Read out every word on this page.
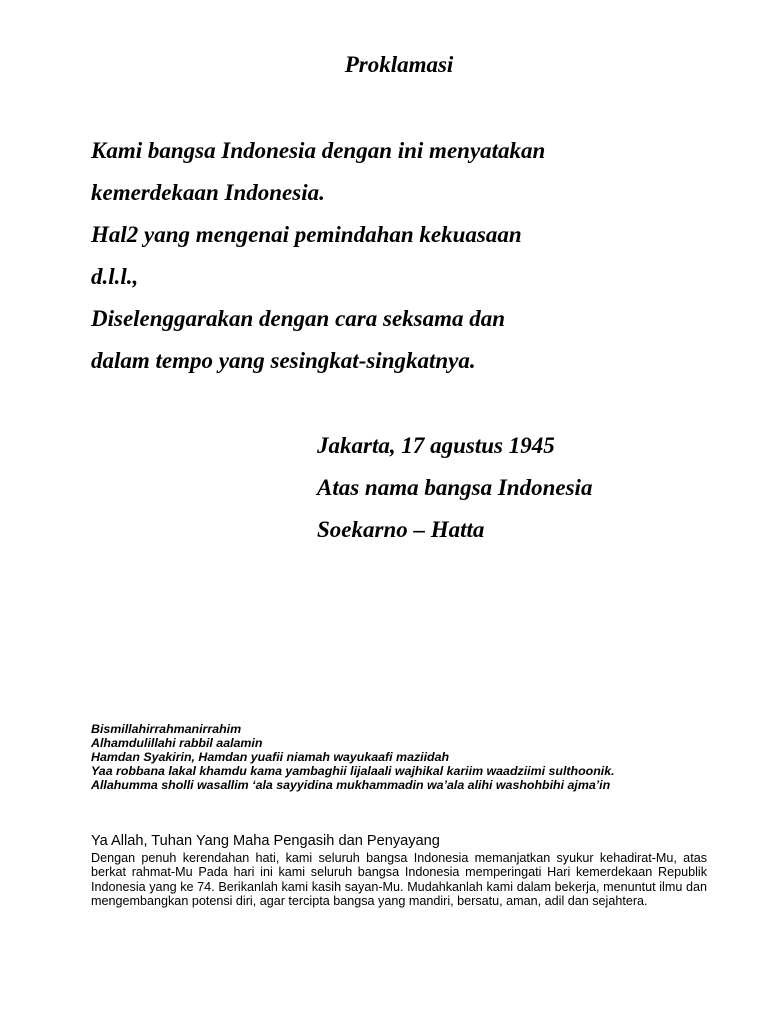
Proklamasi
Kami bangsa Indonesia dengan ini menyatakan
kemerdekaan Indonesia.
Hal2 yang mengenai pemindahan kekuasaan
d.l.l.,
Diselenggarakan dengan cara seksama dan
dalam tempo yang sesingkat-singkatnya.
Jakarta, 17 agustus 1945
Atas nama bangsa Indonesia
Soekarno – Hatta
Bismillahirrahmanirrahim
Alhamdulillahi rabbil aalamin
Hamdan Syakirin, Hamdan yuafii niamah wayukaafi maziidah
Yaa robbana lakal khamdu kama yambaghii lijalaali wajhikal kariim waadziimi sulthoonik.
Allahumma sholli wasallim ‘ala sayyidina mukhammadin wa’ala alihi washohbihi ajma’in
Ya Allah, Tuhan Yang Maha Pengasih dan Penyayang
Dengan penuh kerendahan hati, kami seluruh bangsa Indonesia memanjatkan syukur kehadirat-Mu, atas berkat rahmat-Mu Pada hari ini kami seluruh bangsa Indonesia memperingati Hari kemerdekaan Republik Indonesia yang ke 74. Berikanlah kami kasih sayan-Mu. Mudahkanlah kami dalam bekerja, menuntut ilmu dan mengembangkan potensi diri, agar tercipta bangsa yang mandiri, bersatu, aman, adil dan sejahtera.
